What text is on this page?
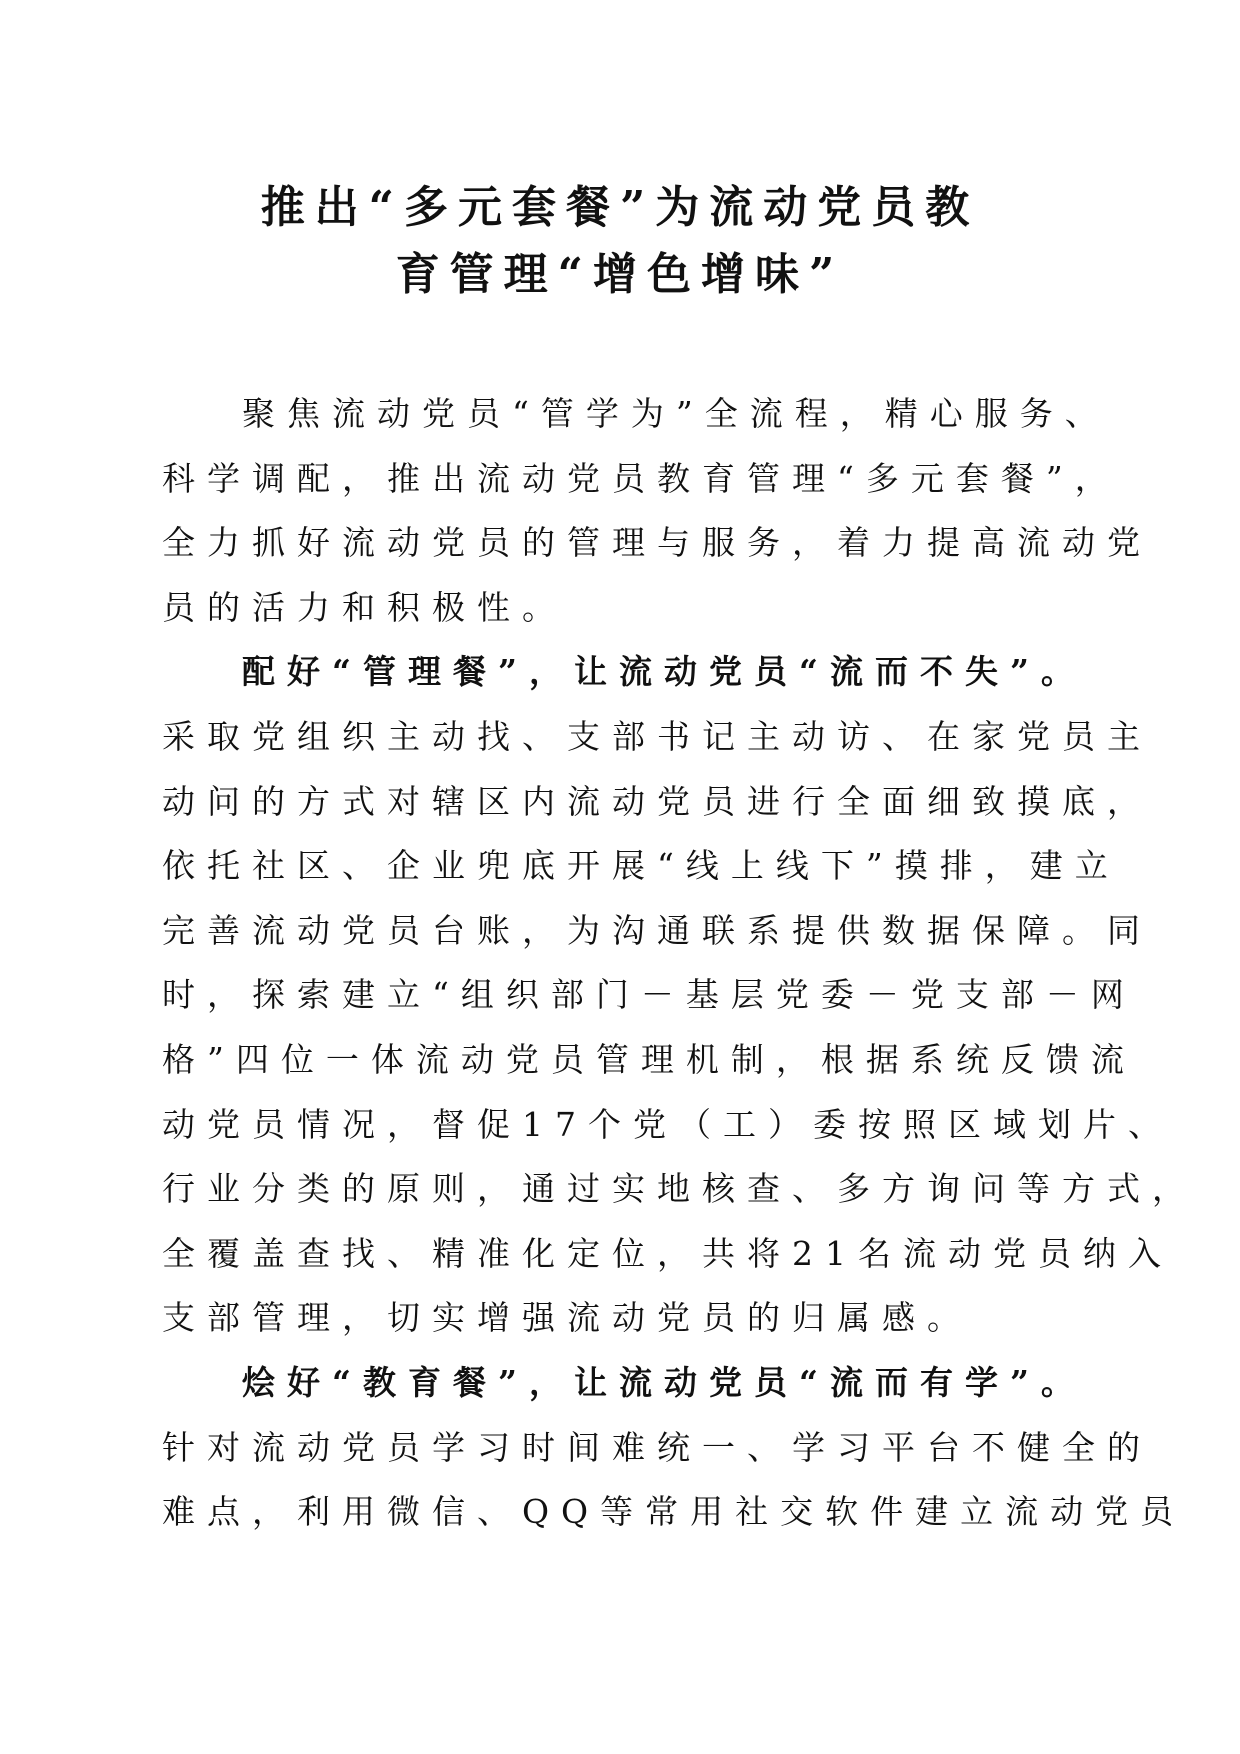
推出“多元套餐”为流动党员教
育管理“增色增味”
聚焦流动党员“管学为”全流程，精心服务、
科学调配，推出流动党员教育管理“多元套餐”，
全力抓好流动党员的管理与服务，着力提高流动党
员的活力和积极性。
配好“管理餐”，让流动党员“流而不失”。
采取党组织主动找、支部书记主动访、在家党员主
动问的方式对辖区内流动党员进行全面细致摸底，
依托社区、企业兜底开展“线上线下”摸排，建立
完善流动党员台账，为沟通联系提供数据保障。同
时，探索建立“组织部门－基层党委－党支部－网
格”四位一体流动党员管理机制，根据系统反馈流
动党员情况，督促17个党（工）委按照区域划片、
行业分类的原则，通过实地核查、多方询问等方式，
全覆盖查找、精准化定位，共将21名流动党员纳入
支部管理，切实增强流动党员的归属感。
烩好“教育餐”，让流动党员“流而有学”。
针对流动党员学习时间难统一、学习平台不健全的
难点，利用微信、QQ等常用社交软件建立流动党员
